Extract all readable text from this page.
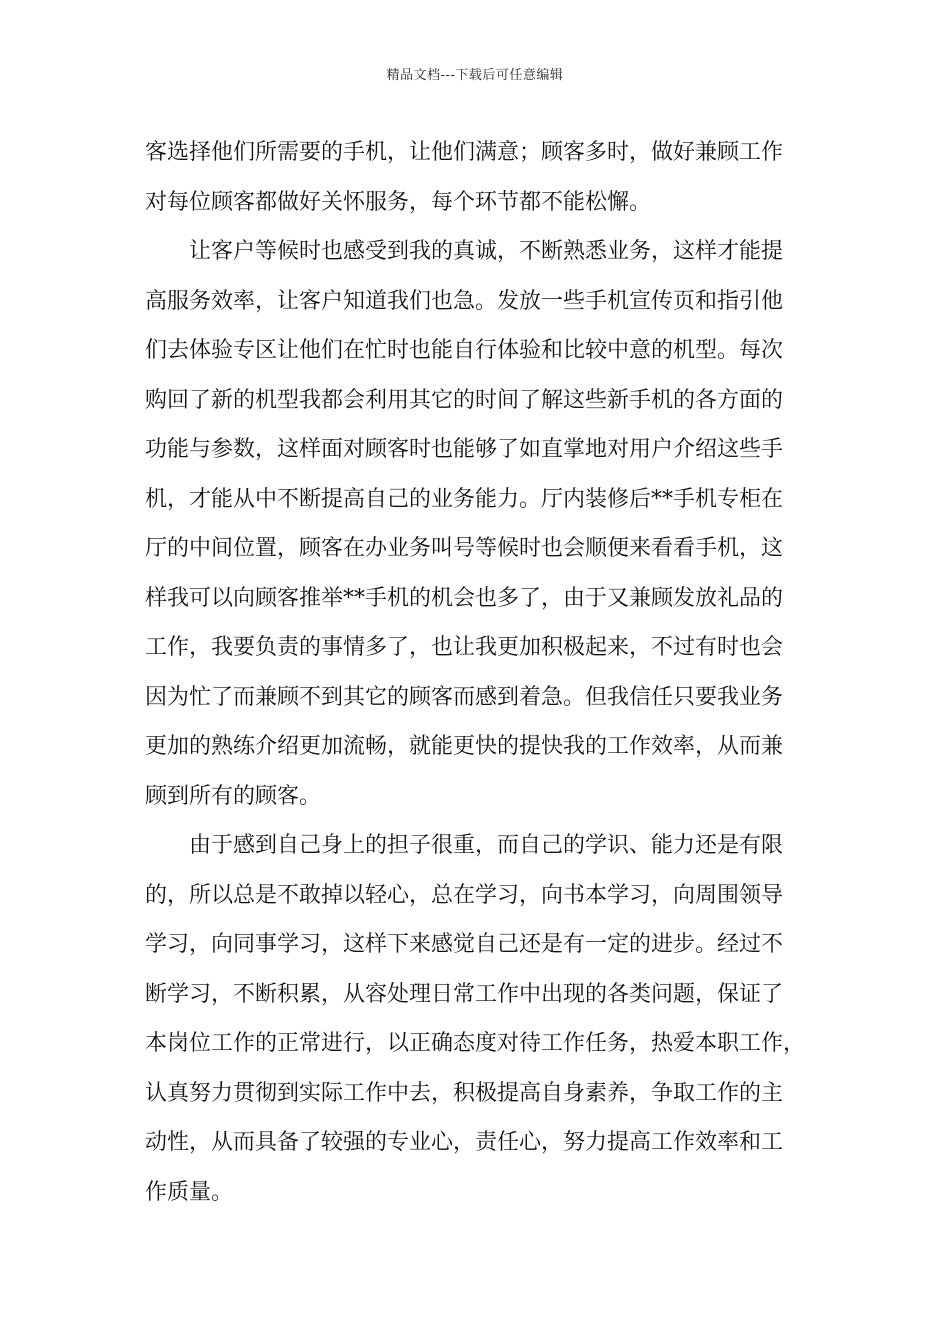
精品文档---下载后可任意编辑
客选择他们所需要的手机，让他们满意；顾客多时，做好兼顾工作
对每位顾客都做好关怀服务，每个环节都不能松懈。
　　让客户等候时也感受到我的真诚，不断熟悉业务，这样才能提
高服务效率，让客户知道我们也急。发放一些手机宣传页和指引他
们去体验专区让他们在忙时也能自行体验和比较中意的机型。每次
购回了新的机型我都会利用其它的时间了解这些新手机的各方面的
功能与参数，这样面对顾客时也能够了如直掌地对用户介绍这些手
机，才能从中不断提高自己的业务能力。厅内装修后**手机专柜在
厅的中间位置，顾客在办业务叫号等候时也会顺便来看看手机，这
样我可以向顾客推举**手机的机会也多了，由于又兼顾发放礼品的
工作，我要负责的事情多了，也让我更加积极起来，不过有时也会
因为忙了而兼顾不到其它的顾客而感到着急。但我信任只要我业务
更加的熟练介绍更加流畅，就能更快的提快我的工作效率，从而兼
顾到所有的顾客。
　　由于感到自己身上的担子很重，而自己的学识、能力还是有限
的，所以总是不敢掉以轻心，总在学习，向书本学习，向周围领导
学习，向同事学习，这样下来感觉自己还是有一定的进步。经过不
断学习，不断积累，从容处理日常工作中出现的各类问题，保证了
本岗位工作的正常进行，以正确态度对待工作任务，热爱本职工作，
认真努力贯彻到实际工作中去，积极提高自身素养，争取工作的主
动性，从而具备了较强的专业心，责任心，努力提高工作效率和工
作质量。
